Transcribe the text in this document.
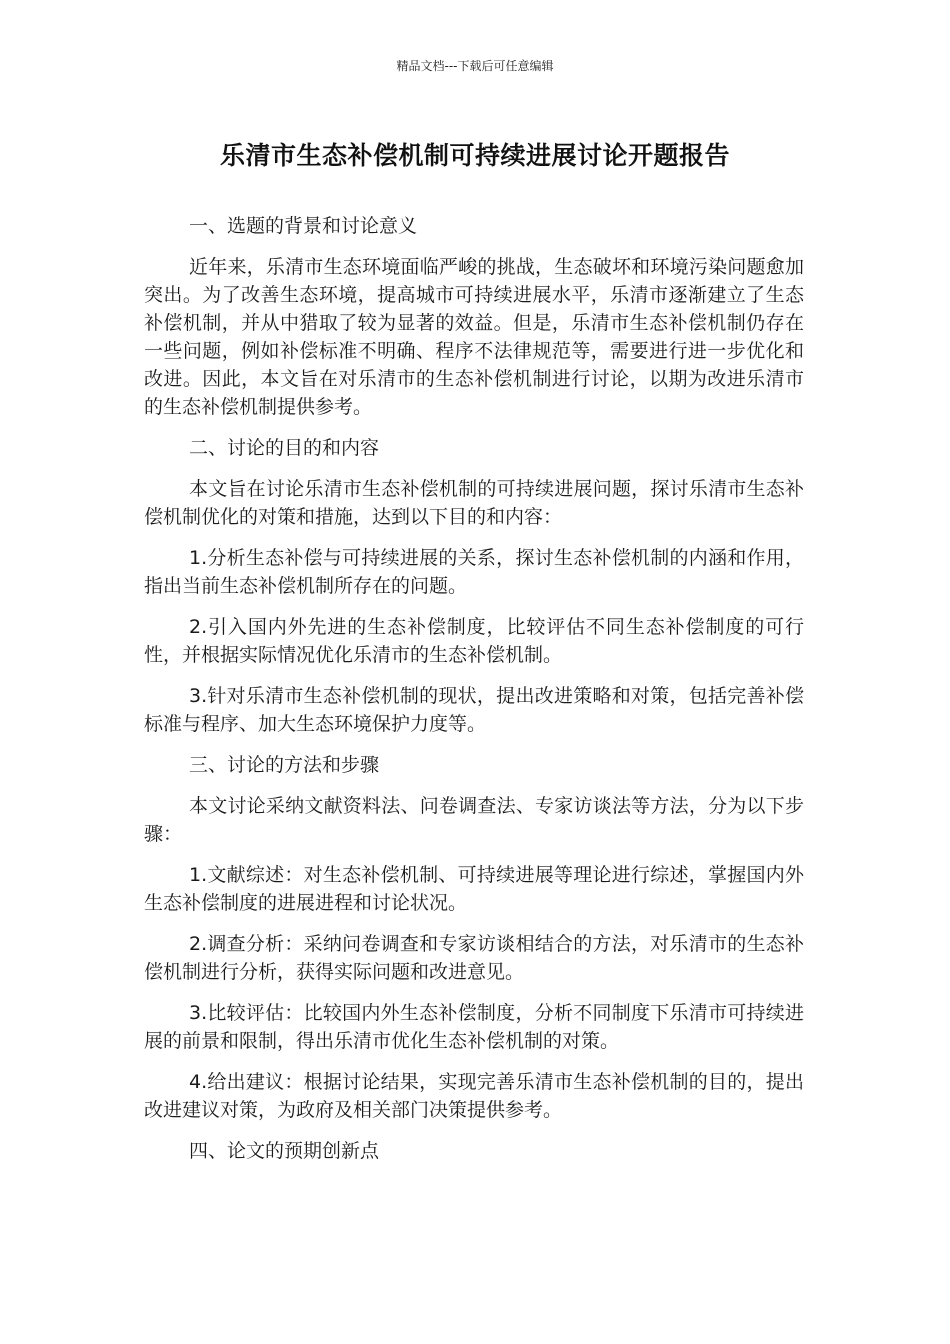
精品文档---下载后可任意编辑
乐清市生态补偿机制可持续进展讨论开题报告
一、选题的背景和讨论意义

近年来，乐清市生态环境面临严峻的挑战，生态破坏和环境污染问题愈加突出。为了改善生态环境，提高城市可持续进展水平，乐清市逐渐建立了生态补偿机制，并从中猎取了较为显著的效益。但是，乐清市生态补偿机制仍存在一些问题，例如补偿标准不明确、程序不法律规范等，需要进行进一步优化和改进。因此，本文旨在对乐清市的生态补偿机制进行讨论，以期为改进乐清市的生态补偿机制提供参考。

二、讨论的目的和内容

本文旨在讨论乐清市生态补偿机制的可持续进展问题，探讨乐清市生态补偿机制优化的对策和措施，达到以下目的和内容：

1.分析生态补偿与可持续进展的关系，探讨生态补偿机制的内涵和作用，指出当前生态补偿机制所存在的问题。

2.引入国内外先进的生态补偿制度，比较评估不同生态补偿制度的可行性，并根据实际情况优化乐清市的生态补偿机制。

3.针对乐清市生态补偿机制的现状，提出改进策略和对策，包括完善补偿标准与程序、加大生态环境保护力度等。

三、讨论的方法和步骤

本文讨论采纳文献资料法、问卷调查法、专家访谈法等方法，分为以下步骤：

1.文献综述：对生态补偿机制、可持续进展等理论进行综述，掌握国内外生态补偿制度的进展进程和讨论状况。

2.调查分析：采纳问卷调查和专家访谈相结合的方法，对乐清市的生态补偿机制进行分析，获得实际问题和改进意见。

3.比较评估：比较国内外生态补偿制度，分析不同制度下乐清市可持续进展的前景和限制，得出乐清市优化生态补偿机制的对策。

4.给出建议：根据讨论结果，实现完善乐清市生态补偿机制的目的，提出改进建议对策，为政府及相关部门决策提供参考。

四、论文的预期创新点
